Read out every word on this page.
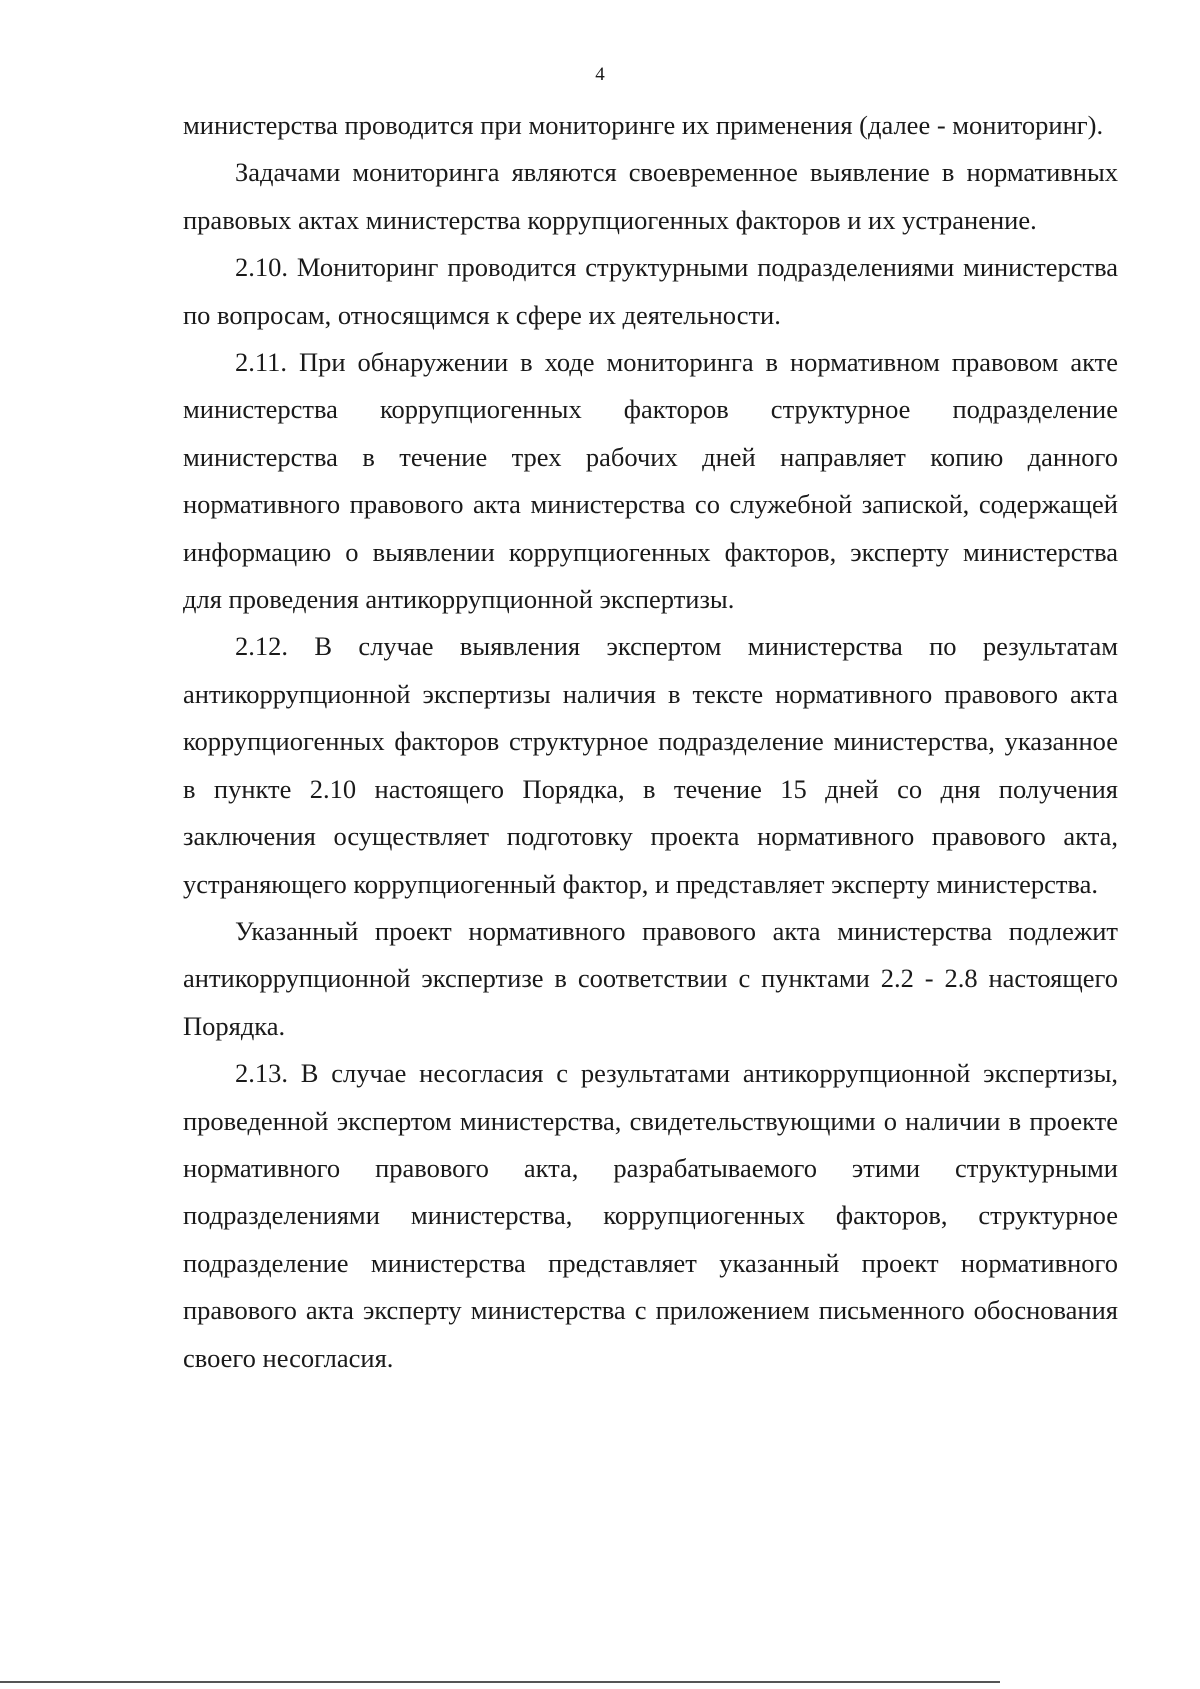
4

министерства проводится при мониторинге их применения (далее - мониторинг).

Задачами мониторинга являются своевременное выявление в нормативных правовых актах министерства коррупциогенных факторов и их устранение.

2.10. Мониторинг проводится структурными подразделениями министерства по вопросам, относящимся к сфере их деятельности.

2.11. При обнаружении в ходе мониторинга в нормативном правовом акте министерства коррупциогенных факторов структурное подразделение министерства в течение трех рабочих дней направляет копию данного нормативного правового акта министерства со служебной запиской, содержащей информацию о выявлении коррупциогенных факторов, эксперту министерства для проведения антикоррупционной экспертизы.

2.12. В случае выявления экспертом министерства по результатам антикоррупционной экспертизы наличия в тексте нормативного правового акта коррупциогенных факторов структурное подразделение министерства, указанное в пункте 2.10 настоящего Порядка, в течение 15 дней со дня получения заключения осуществляет подготовку проекта нормативного правового акта, устраняющего коррупциогенный фактор, и представляет эксперту министерства.

Указанный проект нормативного правового акта министерства подлежит антикоррупционной экспертизе в соответствии с пунктами 2.2 - 2.8 настоящего Порядка.

2.13. В случае несогласия с результатами антикоррупционной экспертизы, проведенной экспертом министерства, свидетельствующими о наличии в проекте нормативного правового акта, разрабатываемого этими структурными подразделениями министерства, коррупциогенных факторов, структурное подразделение министерства представляет указанный проект нормативного правового акта эксперту министерства с приложением письменного обоснования своего несогласия.
